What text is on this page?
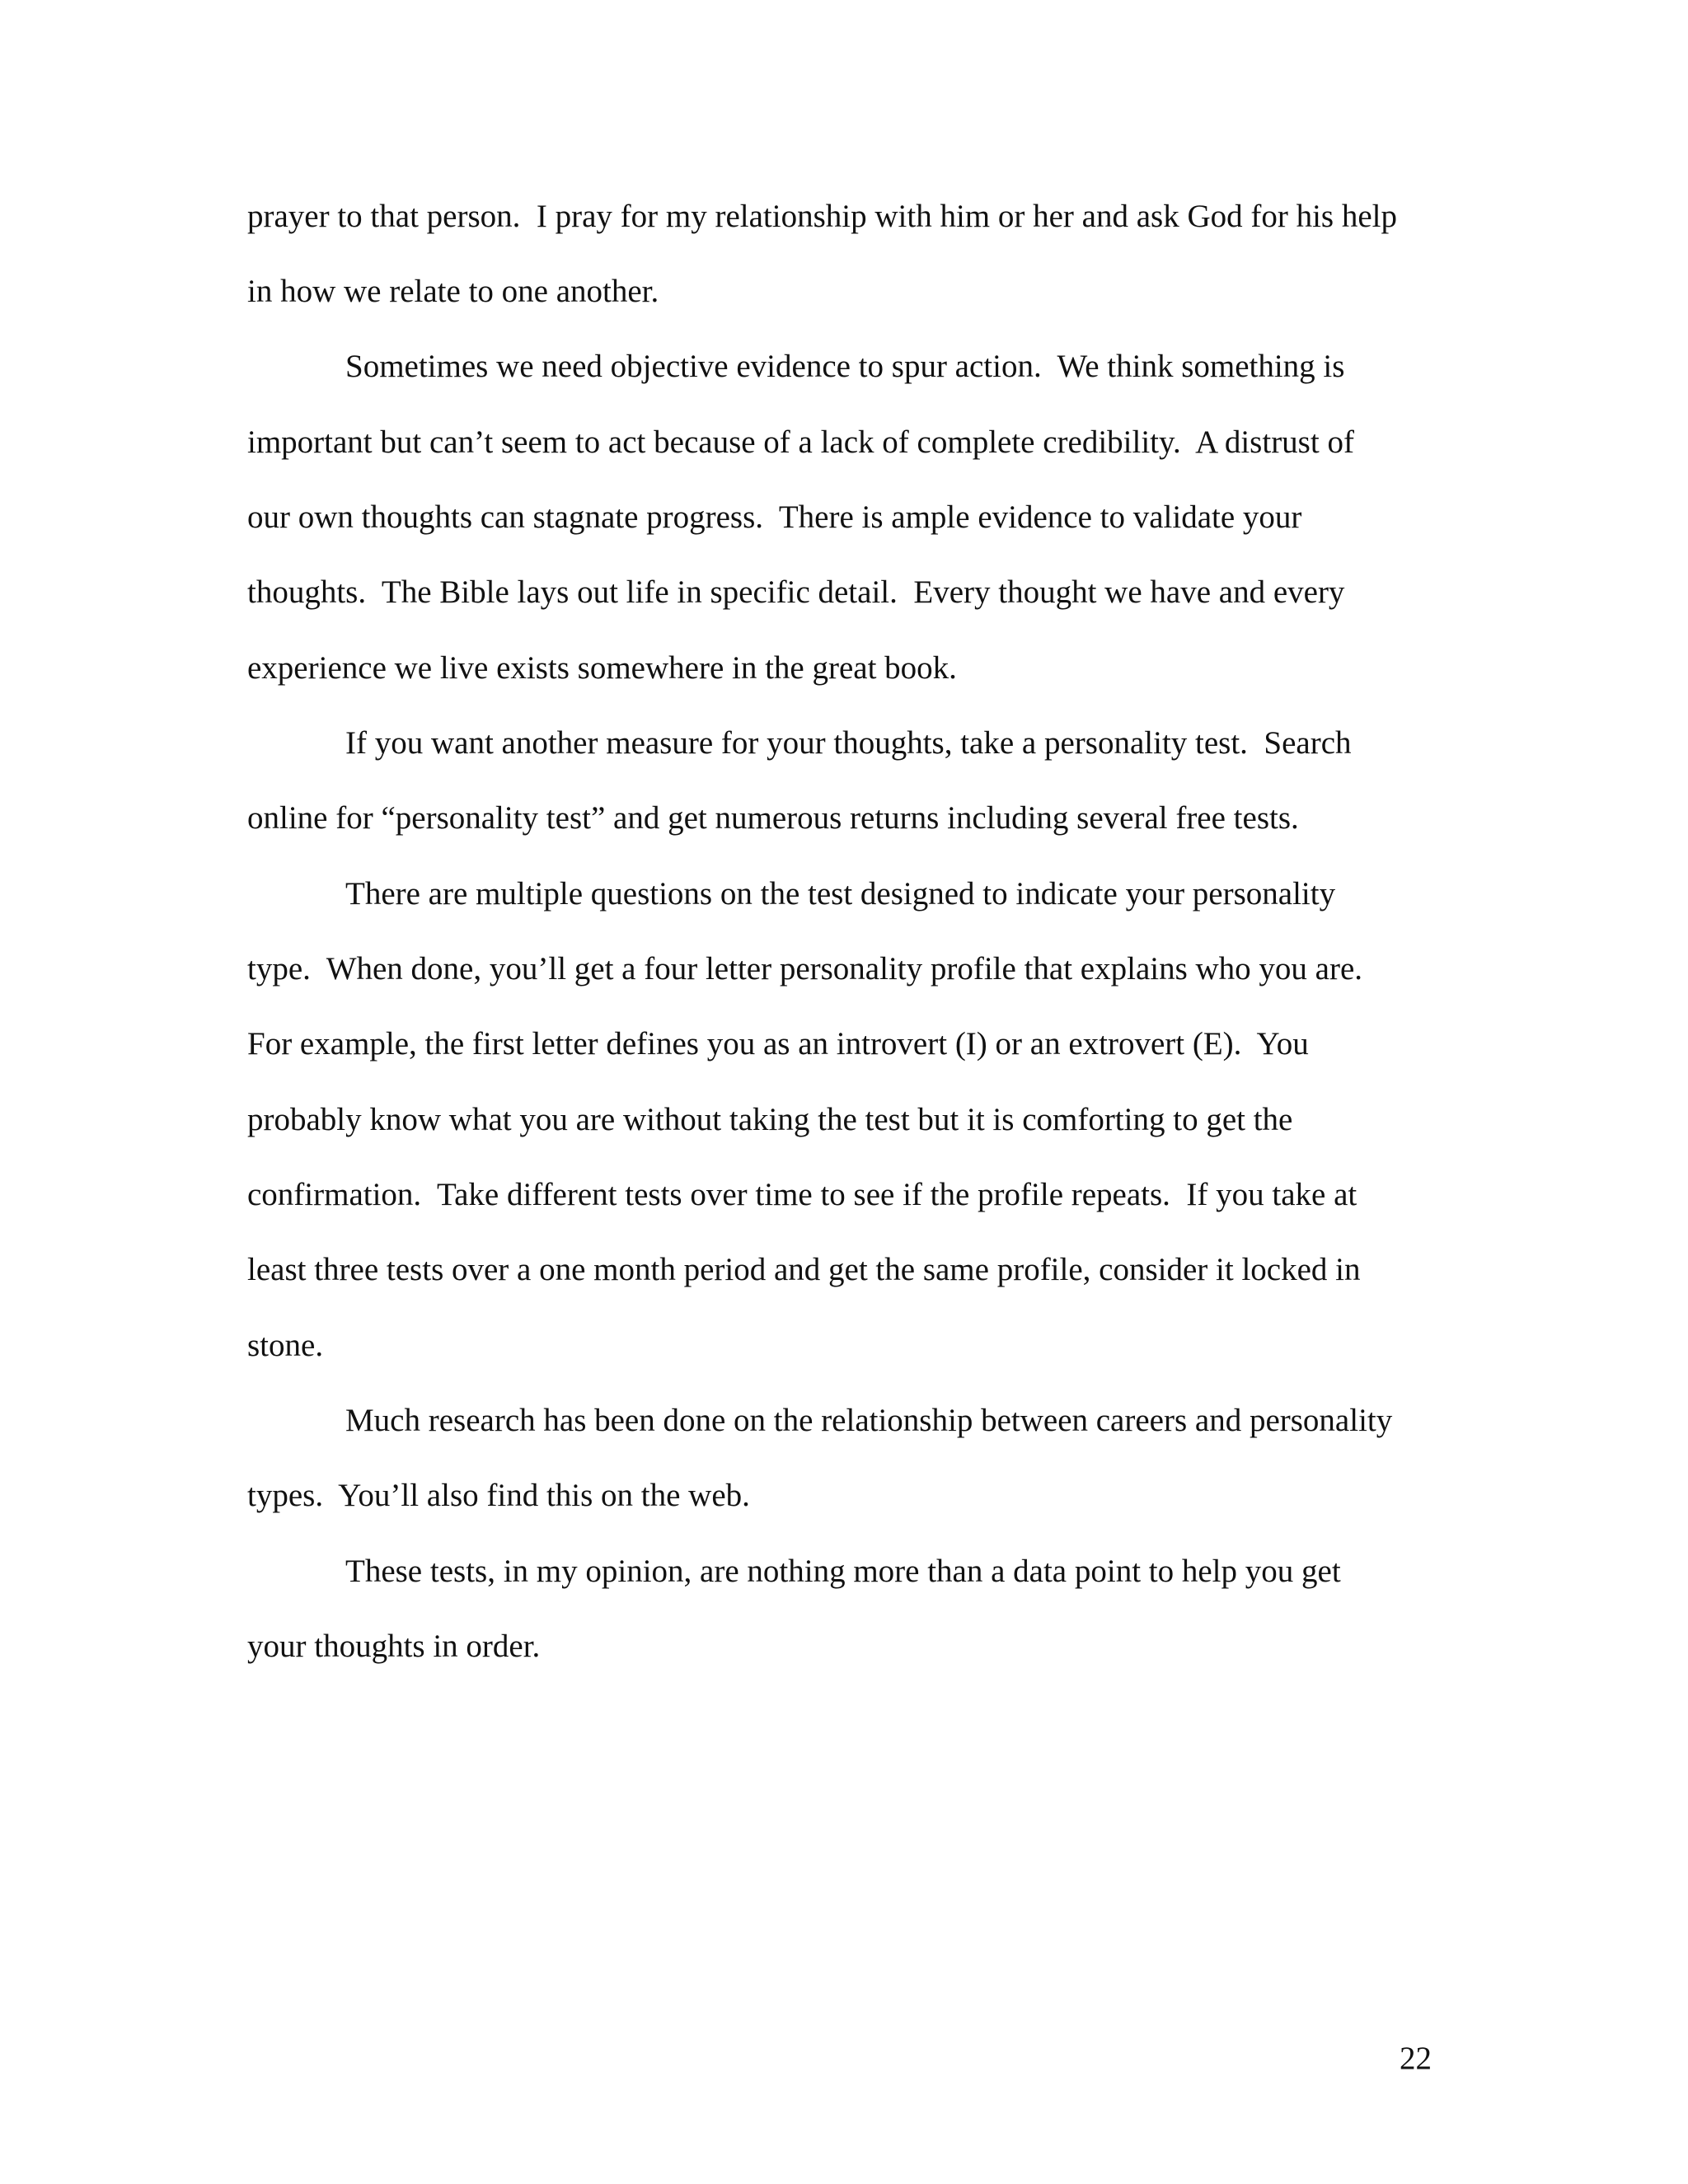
prayer to that person.  I pray for my relationship with him or her and ask God for his help

in how we relate to one another.

Sometimes we need objective evidence to spur action.  We think something is

important but can’t seem to act because of a lack of complete credibility.  A distrust of

our own thoughts can stagnate progress.  There is ample evidence to validate your

thoughts.  The Bible lays out life in specific detail.  Every thought we have and every

experience we live exists somewhere in the great book.

If you want another measure for your thoughts, take a personality test.  Search

online for “personality test” and get numerous returns including several free tests.

There are multiple questions on the test designed to indicate your personality

type.  When done, you’ll get a four letter personality profile that explains who you are.

For example, the first letter defines you as an introvert (I) or an extrovert (E).  You

probably know what you are without taking the test but it is comforting to get the

confirmation.  Take different tests over time to see if the profile repeats.  If you take at

least three tests over a one month period and get the same profile, consider it locked in

stone.

Much research has been done on the relationship between careers and personality

types.  You’ll also find this on the web.

These tests, in my opinion, are nothing more than a data point to help you get

your thoughts in order.

22
